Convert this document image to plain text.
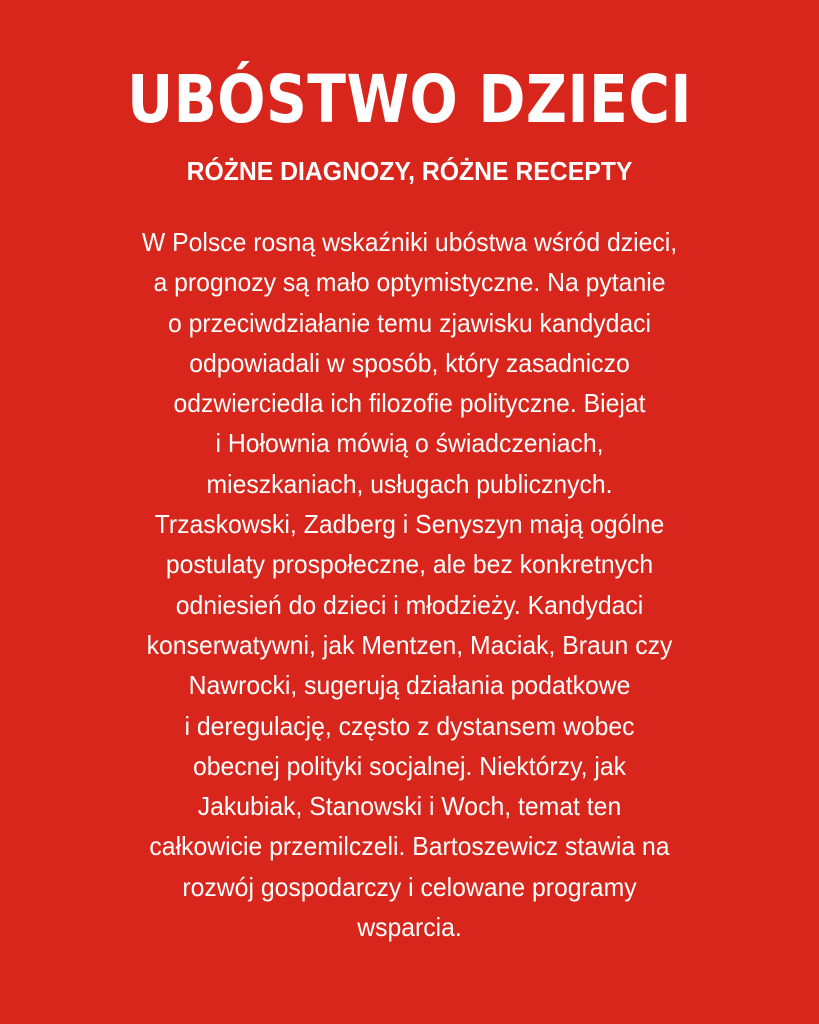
UBÓSTWO DZIECI
RÓŻNE DIAGNOZY, RÓŻNE RECEPTY
W Polsce rosną wskaźniki ubóstwa wśród dzieci,
a prognozy są mało optymistyczne. Na pytanie
o przeciwdziałanie temu zjawisku kandydaci
odpowiadali w sposób, który zasadniczo
odzwierciedla ich filozofie polityczne. Biejat
i Hołownia mówią o świadczeniach,
mieszkaniach, usługach publicznych.
Trzaskowski, Zadberg i Senyszyn mają ogólne
postulaty prospołeczne, ale bez konkretnych
odniesień do dzieci i młodzieży. Kandydaci
konserwatywni, jak Mentzen, Maciak, Braun czy
Nawrocki, sugerują działania podatkowe
i deregulację, często z dystansem wobec
obecnej polityki socjalnej. Niektórzy, jak
Jakubiak, Stanowski i Woch, temat ten
całkowicie przemilczeli. Bartoszewicz stawia na
rozwój gospodarczy i celowane programy
wsparcia.
